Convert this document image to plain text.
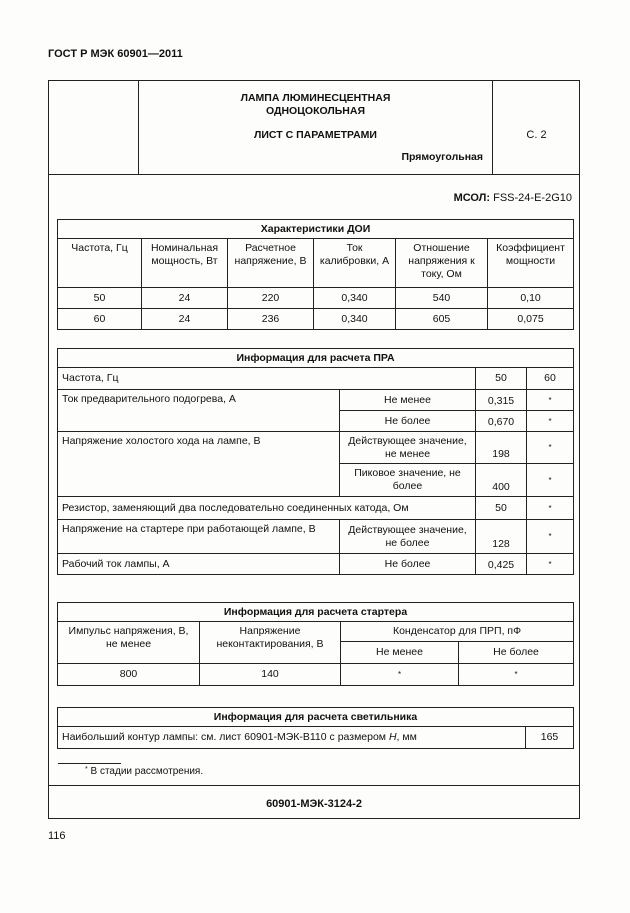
ГОСТ Р МЭК 60901—2011
ЛАМПА ЛЮМИНЕСЦЕНТНАЯ
ОДНОЦОКОЛЬНАЯ
ЛИСТ С ПАРАМЕТРАМИ
Прямоугольная
С. 2
МСОЛ: FSS-24-E-2G10
Характеристики ДОИ					
Частота, Гц	Номинальная мощность, Вт	Расчетное напряжение, В	Ток калибровки, А	Отношение напряжения к току, Ом	Коэффициент мощности
50	24	220	0,340	540	0,10
60	24	236	0,340	605	0,075
Информация для расчета ПРА			
Частота, Гц		50	60
Ток предварительного подогрева, А	Не менее	0,315	*
	Не более	0,670	*
Напряжение холостого хода на лампе, В	Действующее значение, не менее	198	*
	Пиковое значение, не более	400	*
Резистор, заменяющий два последовательно соединенных катода, Ом		50	*
Напряжение на стартере при работающей лампе, В	Действующее значение, не более	128	*
Рабочий ток лампы, А	Не более	0,425	*
Информация для расчета стартера			
Импульс напряжения, В, не менее	Напряжение неконтактирования, В	Конденсатор для ПРП, пФ	
		Не менее	Не более
800	140	*	*
Информация для расчета светильника
Наибольший контур лампы: см. лист 60901-МЭК-В110 с размером H, мм	165
* В стадии рассмотрения.
60901-МЭК-3124-2
116
